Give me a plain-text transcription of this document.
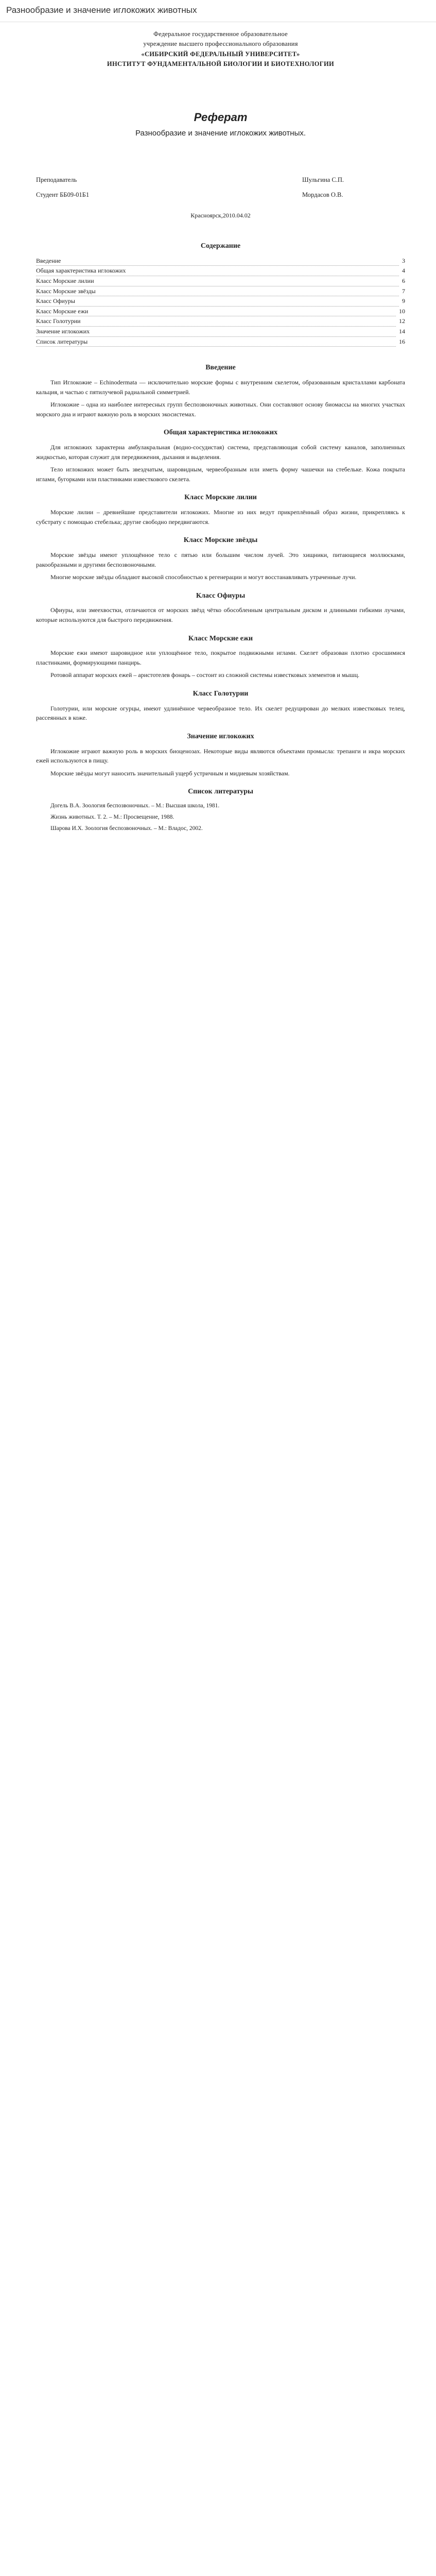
Разнообразие и значение иглокожих животных
Федеральное государственное образовательное
учреждение высшего профессионального образования
«СИБИРСКИЙ ФЕДЕРАЛЬНЫЙ УНИВЕРСИТЕТ»
ИНСТИТУТ ФУНДАМЕНТАЛЬНОЙ БИОЛОГИИ И БИОТЕХНОЛОГИИ
Реферат
Разнообразие и значение иглокожих животных.
Преподаватель	Шульгина С.П.
Студент ББ09-01Б1	Мордасов О.В.
Красноярск,2010.04.02
Содержание
Введение	3
Общая характеристика иглокожих	4
Класс Морские лилии	6
Класс Морские звёзды	7
Класс Офиуры	9
Класс Морские ежи	10
Класс Голотурии	12
Значение иглокожих	14
Список литературы	16
Введение

Тип Иглокожие – Echinodermata — исключительно морские формы с внутренним скелетом, образованным кристаллами карбоната кальция, и частью с пятилучевой радиальной симметрией.

Иглокожие – одна из наиболее интересных групп беспозвоночных животных. Они составляют основу биомассы на многих участках морского дна и играют важную роль в морских экосистемах.

Общая характеристика иглокожих

Для иглокожих характерна амбулакральная (водно-сосудистая) система, представляющая собой систему каналов, заполненных жидкостью, которая служит для передвижения, дыхания и выделения.

Тело иглокожих может быть звездчатым, шаровидным, червеобразным или иметь форму чашечки на стебельке. Кожа покрыта иглами, бугорками или пластинками известкового скелета.

Класс Морские лилии

Морские лилии – древнейшие представители иглокожих. Многие из них ведут прикреплённый образ жизни, прикрепляясь к субстрату с помощью стебелька; другие свободно передвигаются.

Класс Морские звёзды

Морские звёзды имеют уплощённое тело с пятью или большим числом лучей. Это хищники, питающиеся моллюсками, ракообразными и другими беспозвоночными.

Многие морские звёзды обладают высокой способностью к регенерации и могут восстанавливать утраченные лучи.

Класс Офиуры

Офиуры, или змеехвостки, отличаются от морских звёзд чётко обособленным центральным диском и длинными гибкими лучами, которые используются для быстрого передвижения.

Класс Морские ежи

Морские ежи имеют шаровидное или уплощённое тело, покрытое подвижными иглами. Скелет образован плотно сросшимися пластинками, формирующими панцирь.

Ротовой аппарат морских ежей – аристотелев фонарь – состоит из сложной системы известковых элементов и мышц.

Класс Голотурии

Голотурии, или морские огурцы, имеют удлинённое червеобразное тело. Их скелет редуцирован до мелких известковых телец, рассеянных в коже.

Значение иглокожих

Иглокожие играют важную роль в морских биоценозах. Некоторые виды являются объектами промысла: трепанги и икра морских ежей используются в пищу.

Морские звёзды могут наносить значительный ущерб устричным и мидиевым хозяйствам.

Список литературы
Догель В.А. Зоология беспозвоночных. – М.: Высшая школа, 1981.
Жизнь животных. Т. 2. – М.: Просвещение, 1988.
Шарова И.Х. Зоология беспозвоночных. – М.: Владос, 2002.
